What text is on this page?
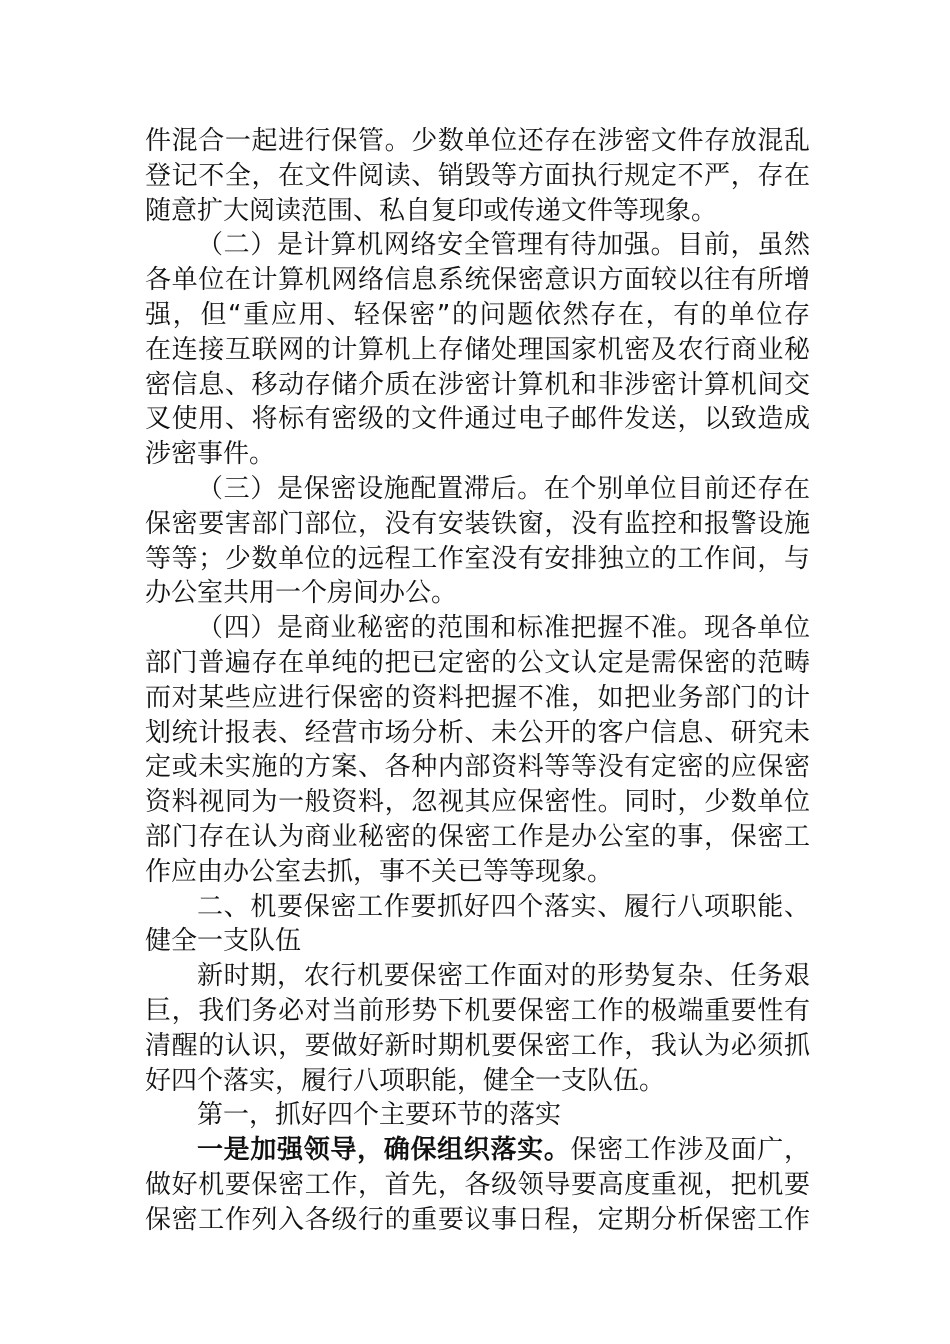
件混合一起进行保管。少数单位还存在涉密文件存放混乱
登记不全，在文件阅读、销毁等方面执行规定不严，存在
随意扩大阅读范围、私自复印或传递文件等现象。
（二）是计算机网络安全管理有待加强。目前，虽然
各单位在计算机网络信息系统保密意识方面较以往有所增
强，但“重应用、轻保密”的问题依然存在，有的单位存
在连接互联网的计算机上存储处理国家机密及农行商业秘
密信息、移动存储介质在涉密计算机和非涉密计算机间交
叉使用、将标有密级的文件通过电子邮件发送，以致造成
涉密事件。
（三）是保密设施配置滞后。在个别单位目前还存在
保密要害部门部位，没有安装铁窗，没有监控和报警设施
等等；少数单位的远程工作室没有安排独立的工作间，与
办公室共用一个房间办公。
（四）是商业秘密的范围和标准把握不准。现各单位
部门普遍存在单纯的把已定密的公文认定是需保密的范畴
而对某些应进行保密的资料把握不准，如把业务部门的计
划统计报表、经营市场分析、未公开的客户信息、研究未
定或未实施的方案、各种内部资料等等没有定密的应保密
资料视同为一般资料，忽视其应保密性。同时，少数单位
部门存在认为商业秘密的保密工作是办公室的事，保密工
作应由办公室去抓，事不关已等等现象。
二、机要保密工作要抓好四个落实、履行八项职能、
健全一支队伍
新时期，农行机要保密工作面对的形势复杂、任务艰
巨，我们务必对当前形势下机要保密工作的极端重要性有
清醒的认识，要做好新时期机要保密工作，我认为必须抓
好四个落实，履行八项职能，健全一支队伍。
第一，抓好四个主要环节的落实
一是加强领导，确保组织落实。保密工作涉及面广，
做好机要保密工作，首先，各级领导要高度重视，把机要
保密工作列入各级行的重要议事日程，定期分析保密工作
